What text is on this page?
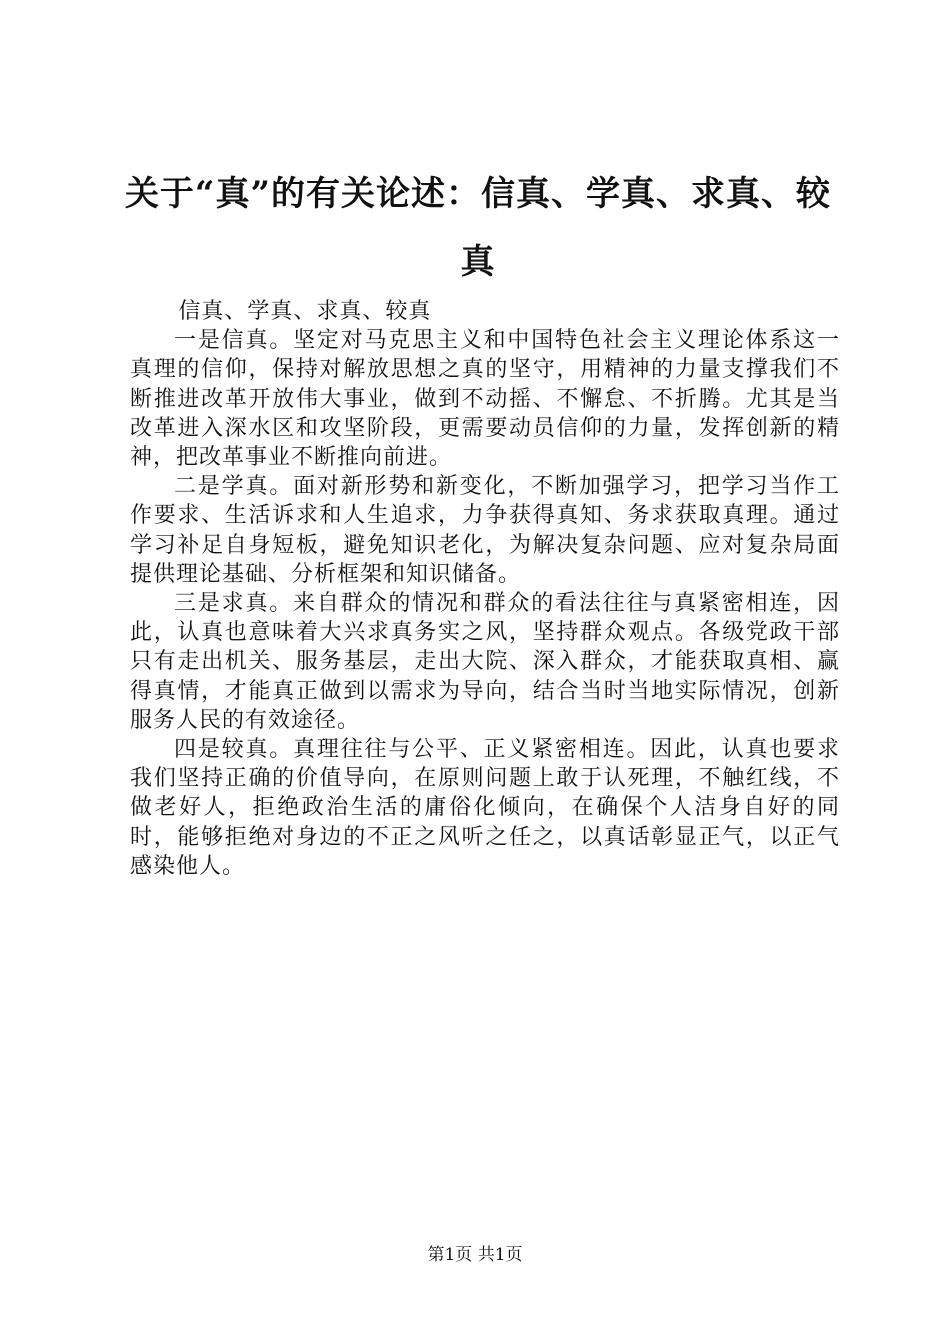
关于“真”的有关论述：信真、学真、求真、较真

信真、学真、求真、较真

一是信真。坚定对马克思主义和中国特色社会主义理论体系这一真理的信仰，保持对解放思想之真的坚守，用精神的力量支撑我们不断推进改革开放伟大事业，做到不动摇、不懈怠、不折腾。尤其是当改革进入深水区和攻坚阶段，更需要动员信仰的力量，发挥创新的精神，把改革事业不断推向前进。

二是学真。面对新形势和新变化，不断加强学习，把学习当作工作要求、生活诉求和人生追求，力争获得真知、务求获取真理。通过学习补足自身短板，避免知识老化，为解决复杂问题、应对复杂局面提供理论基础、分析框架和知识储备。

三是求真。来自群众的情况和群众的看法往往与真紧密相连，因此，认真也意味着大兴求真务实之风，坚持群众观点。各级党政干部只有走出机关、服务基层，走出大院、深入群众，才能获取真相、赢得真情，才能真正做到以需求为导向，结合当时当地实际情况，创新服务人民的有效途径。

四是较真。真理往往与公平、正义紧密相连。因此，认真也要求我们坚持正确的价值导向，在原则问题上敢于认死理，不触红线，不做老好人，拒绝政治生活的庸俗化倾向，在确保个人洁身自好的同时，能够拒绝对身边的不正之风听之任之，以真话彰显正气，以正气感染他人。

第1页 共1页
